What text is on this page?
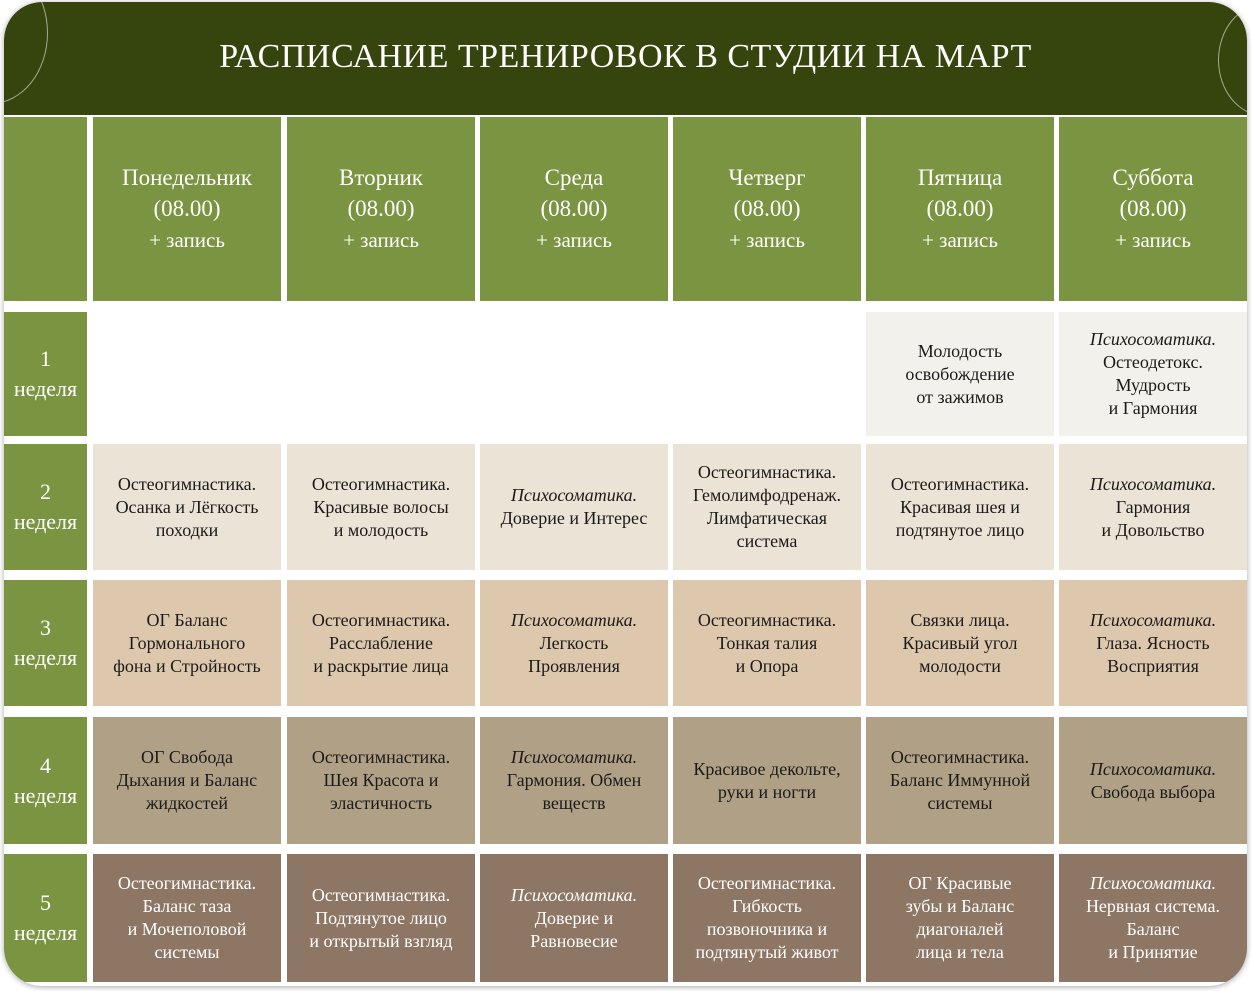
РАСПИСАНИЕ ТРЕНИРОВОК В СТУДИИ НА МАРТ
Понедельник
(08.00)
+ запись
Вторник
(08.00)
+ запись
Среда
(08.00)
+ запись
Четверг
(08.00)
+ запись
Пятница
(08.00)
+ запись
Суббота
(08.00)
+ запись
1
неделя
Молодость
освобождение
от зажимов
Психосоматика.
Остеодетокс.
Мудрость
и Гармония
2
неделя
Остеогимнастика.
Осанка и Лёгкость
походки
Остеогимнастика.
Красивые волосы
и молодость
Психосоматика.
Доверие и Интерес
Остеогимнастика.
Гемолимфодренаж.
Лимфатическая
система
Остеогимнастика.
Красивая шея и
подтянутое лицо
Психосоматика.
Гармония
и Довольство
3
неделя
ОГ Баланс
Гормонального
фона и Стройность
Остеогимнастика.
Расслабление
и раскрытие лица
Психосоматика.
Легкость
Проявления
Остеогимнастика.
Тонкая талия
и Опора
Связки лица.
Красивый угол
молодости
Психосоматика.
Глаза. Ясность
Восприятия
4
неделя
ОГ Свобода
Дыхания и Баланс
жидкостей
Остеогимнастика.
Шея Красота и
эластичность
Психосоматика.
Гармония. Обмен
веществ
Красивое декольте,
руки и ногти
Остеогимнастика.
Баланс Иммунной
системы
Психосоматика.
Свобода выбора
5
неделя
Остеогимнастика.
Баланс таза
и Мочеполовой
системы
Остеогимнастика.
Подтянутое лицо
и открытый взгляд
Психосоматика.
Доверие и
Равновесие
Остеогимнастика.
Гибкость
позвоночника и
подтянутый живот
ОГ Красивые
зубы и Баланс
диагоналей
лица и тела
Психосоматика.
Нервная система.
Баланс
и Принятие
